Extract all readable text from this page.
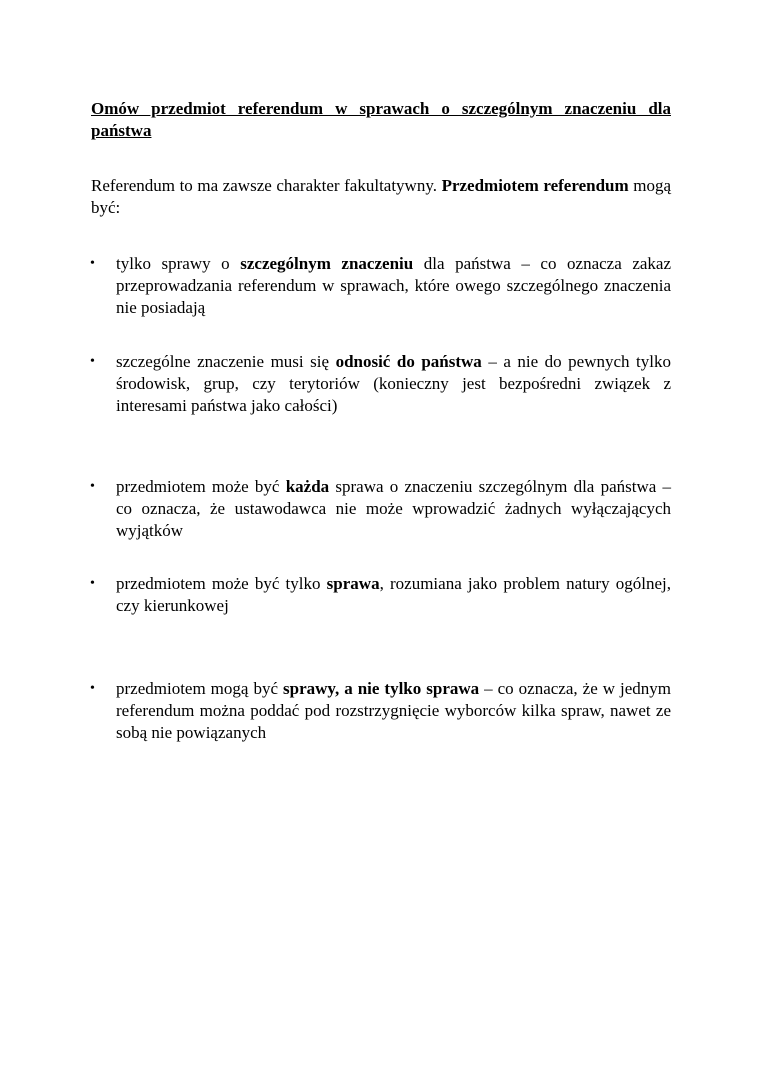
Omów przedmiot referendum w sprawach o szczególnym znaczeniu dla państwa

Referendum to ma zawsze charakter fakultatywny. Przedmiotem referendum mogą być:

•	tylko sprawy o szczególnym znaczeniu dla państwa – co oznacza zakaz przeprowadzania referendum w sprawach, które owego szczególnego znaczenia nie posiadają
•	szczególne znaczenie musi się odnosić do państwa – a nie do pewnych tylko środowisk, grup, czy terytoriów (konieczny jest bezpośredni związek z interesami państwa jako całości)
•	przedmiotem może być każda sprawa o znaczeniu szczególnym dla państwa – co oznacza, że ustawodawca nie może wprowadzić żadnych wyłączających wyjątków
•	przedmiotem może być tylko sprawa, rozumiana jako problem natury ogólnej, czy kierunkowej
•	przedmiotem mogą być sprawy, a nie tylko sprawa – co oznacza, że w jednym referendum można poddać pod rozstrzygnięcie wyborców kilka spraw, nawet ze sobą nie powiązanych
